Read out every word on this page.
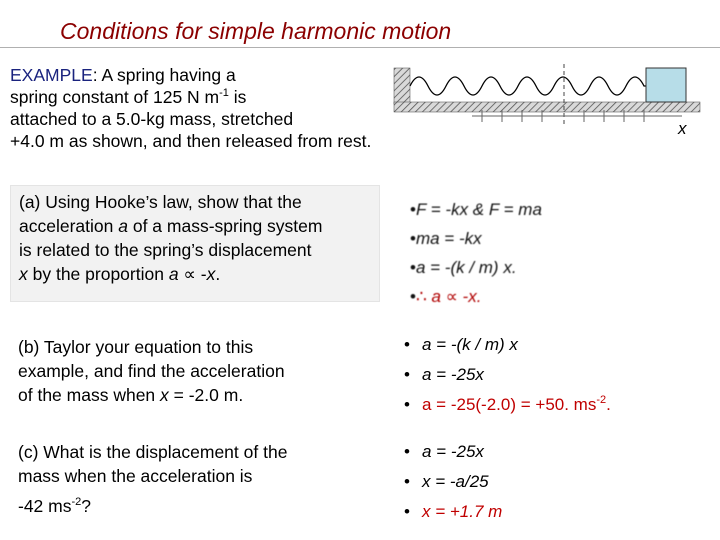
Conditions for simple harmonic motion

EXAMPLE: A spring having a

spring constant of 125 N $m^{-1}$ is

attached to a 5.0-kg mass, stretched

+4.0 m as shown, and then released from rest.

x

(a) Using Hooke’s law, show that the

acceleration a of a mass-spring system

is related to the spring’s displacement

x by the proportion a ∝ -x.

•F = -kx & F = ma
•ma = -kx
•a = -(k / m) x.
•∴ a ∝ -x.

(b) Taylor your equation to this

example, and find the acceleration

of the mass when x = -2.0 m.

• a = -(k / m) x
• a = -25x
• a = -25(-2.0) = +50. $ms^{-2}$.

(c) What is the displacement of the

mass when the acceleration is

-42 $ms^{-2}$?

• a = -25x
• x = -a/25
• x = +1.7 m
